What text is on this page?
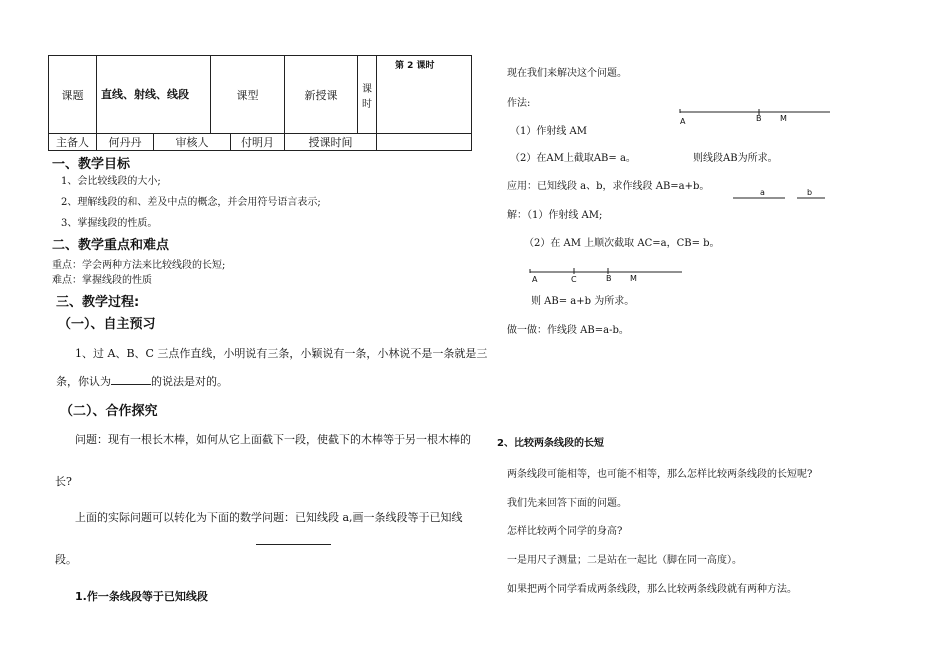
课题	直线、射线、线段		课型		新授课	课时	第 2 课时

主备人	何丹丹	审核人		付明月	授课时间		
一、教学目标
1、会比较线段的大小;
2、理解线段的和、差及中点的概念，并会用符号语言表示;
3、掌握线段的性质。
二、教学重点和难点
重点：学会两种方法来比较线段的长短;
难点：掌握线段的性质
三、教学过程:
（一）、自主预习
1、过 A、B、C 三点作直线，小明说有三条，小颖说有一条，小林说不是一条就是三
条，你认为	的说法是对的。
（二）、合作探究
问题：现有一根长木棒，如何从它上面截下一段，使截下的木棒等于另一根木棒的
长?
上面的实际问题可以转化为下面的数学问题：已知线段 a,画一条线段等于已知线
段。
1.作一条线段等于已知线段
现在我们来解决这个问题。
作法:
（1）作射线 AM
（2）在AM上截取AB= a。	则线段AB为所求。
A	B M
应用：已知线段 a、b，求作线段 AB=a+b。
a	b
解：（1）作射线 AM;
（2）在 AM 上顺次截取 AC=a，CB= b。
A	C	B M
则 AB= a+b 为所求。
做一做：作线段 AB=a-b。
2、比较两条线段的长短
两条线段可能相等，也可能不相等，那么怎样比较两条线段的长短呢?
我们先来回答下面的问题。
怎样比较两个同学的身高?
一是用尺子测量；二是站在一起比（脚在同一高度）。
如果把两个同学看成两条线段，那么比较两条线段就有两种方法。
